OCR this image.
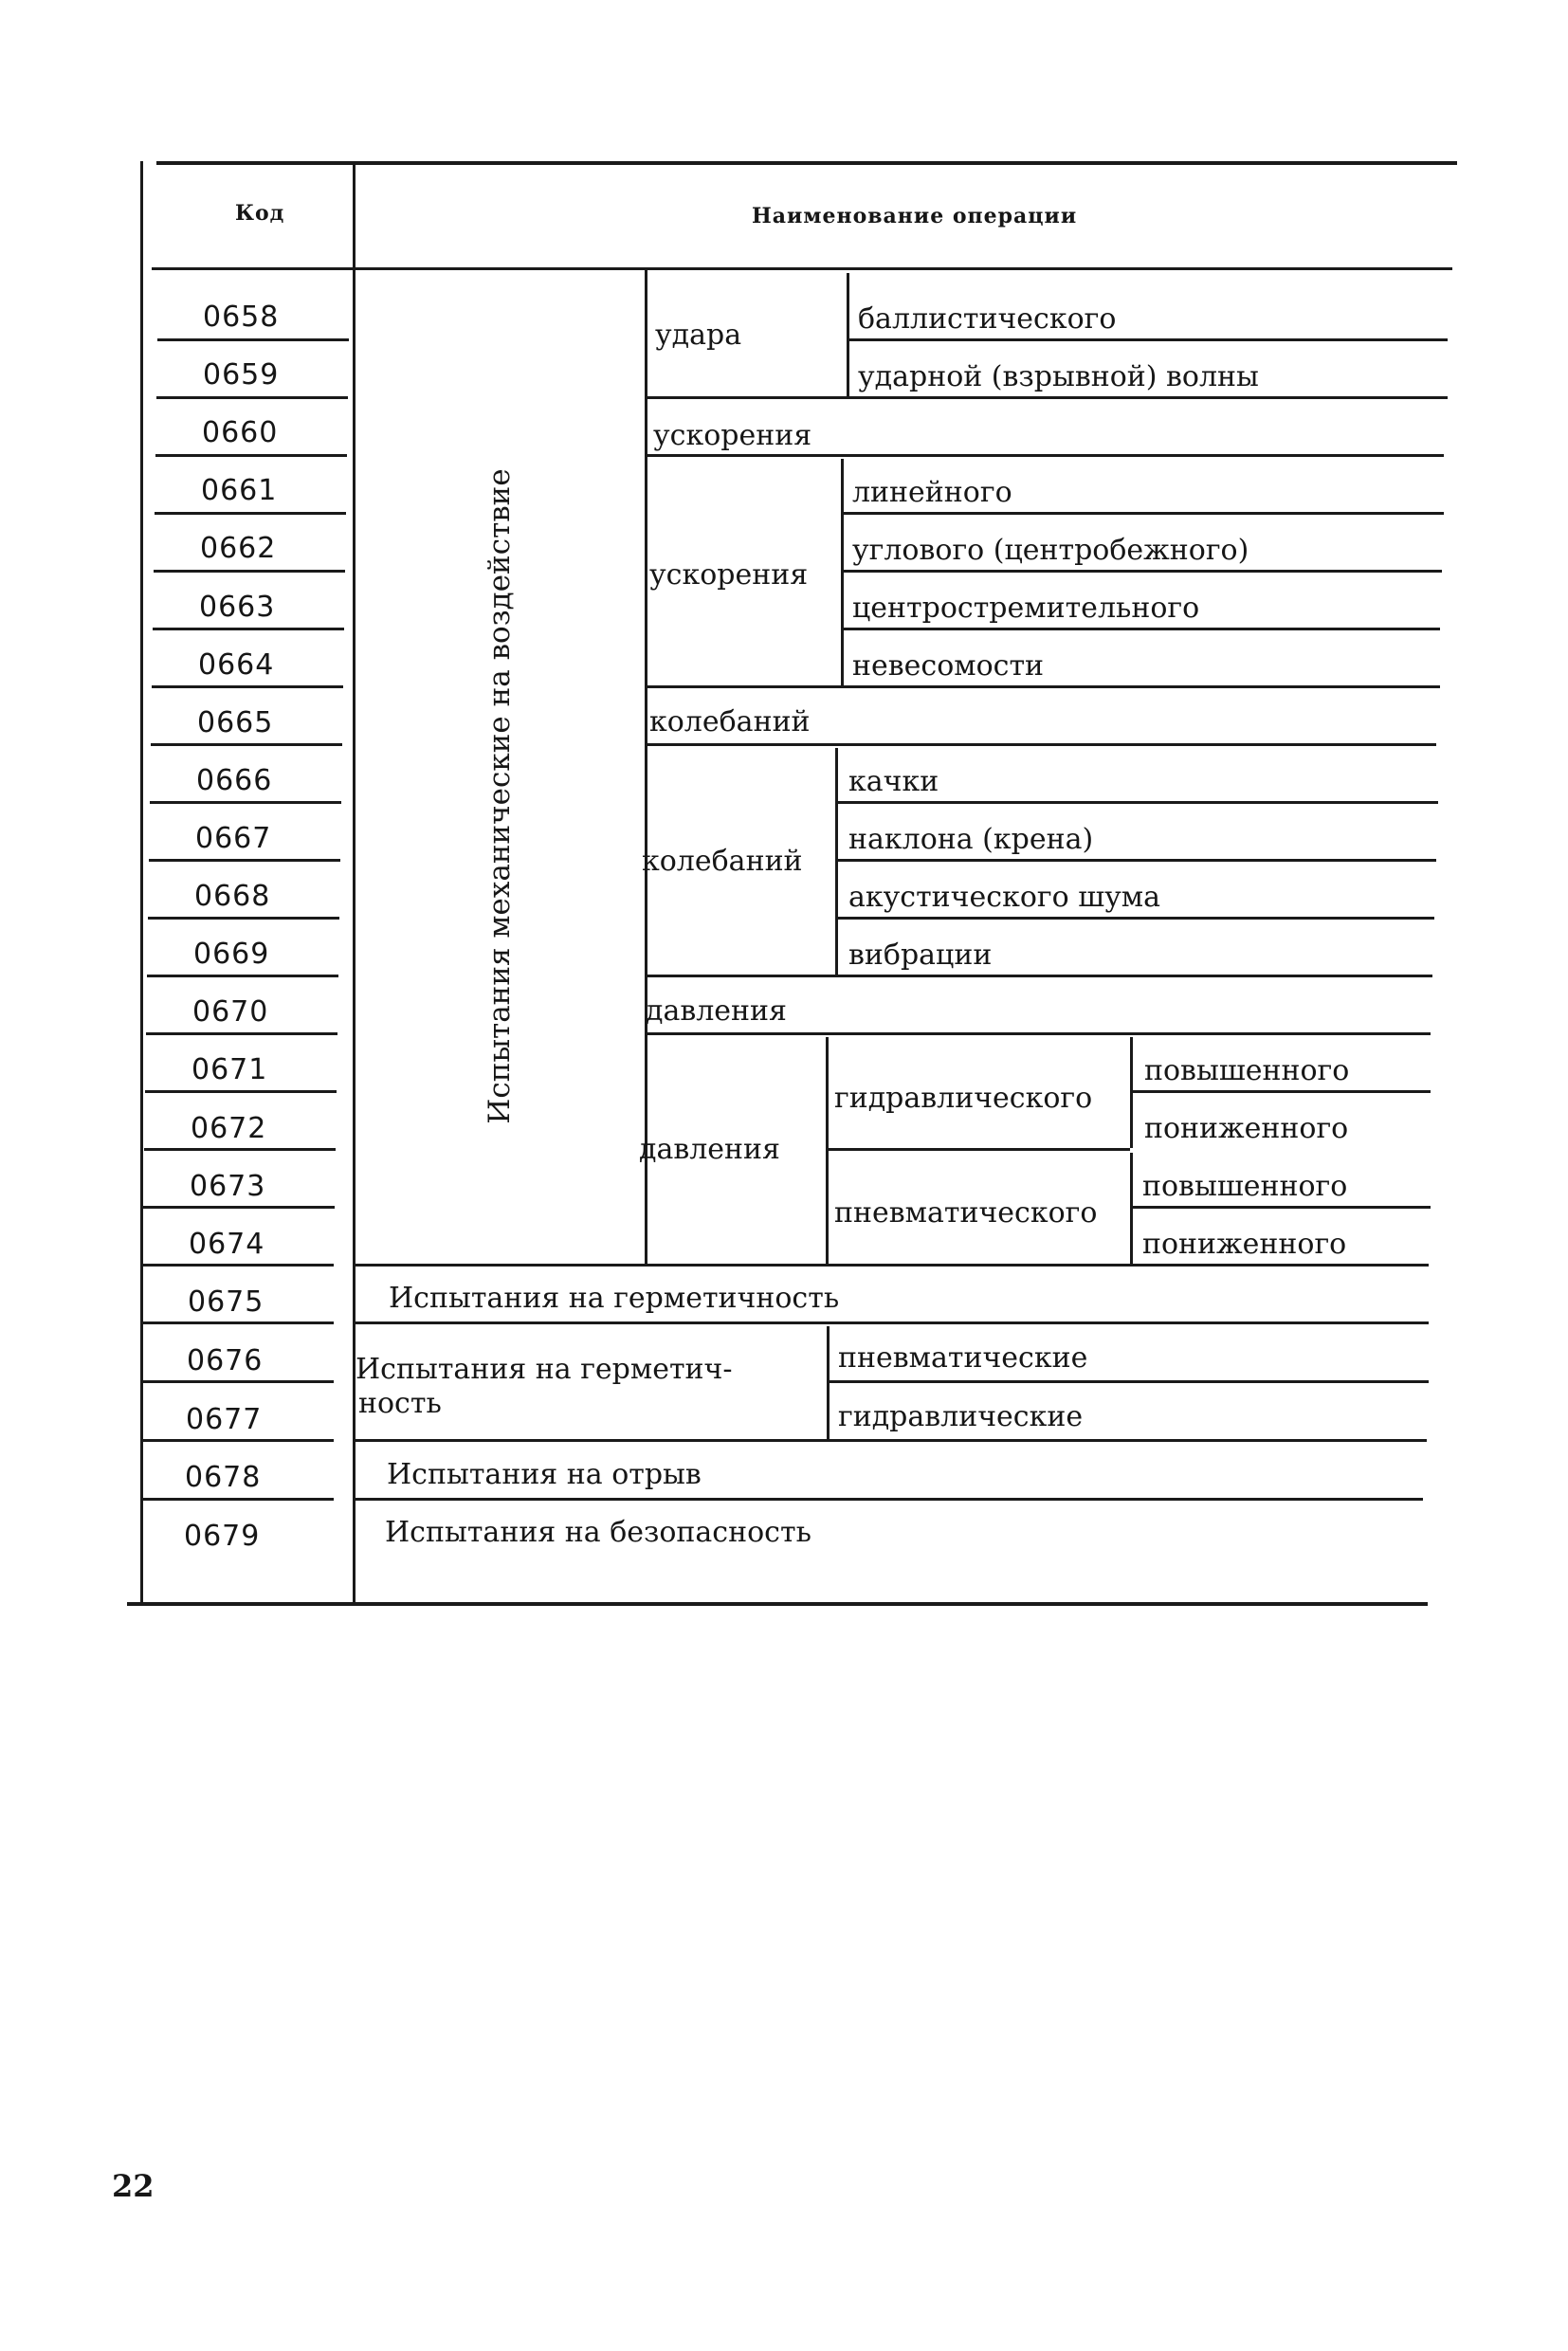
Код	Наименование операции
0658
0659
0660
0661
0662
0663
0664
0665
0666
0667
0668
0669
0670
0671
0672
0673
0674
0675
0676
0677
0678
0679
Испытания механические на воздействие
удара
ускорения
ускорения
колебаний
колебаний
давления
давления
баллистического
ударной (взрывной) волны
линейного
углового (центробежного)
центростремительного
невесомости
качки
наклона (крена)
акустического шума
вибрации
гидравлического
пневматического
повышенного
пониженного
повышенного
пониженного
Испытания на герметичность
Испытания на герметич-
ность
пневматические
гидравлические
Испытания на отрыв
Испытания на безопасность
22
